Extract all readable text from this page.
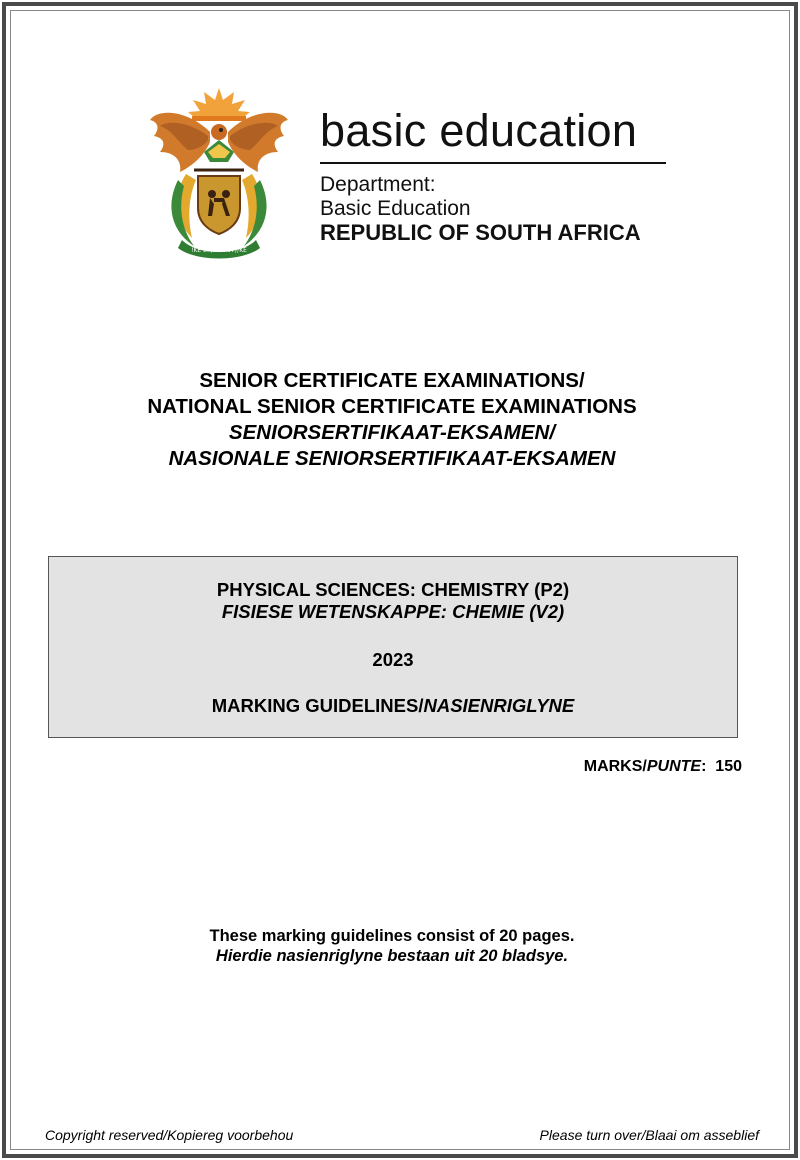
!KE E: /XARRA //KE
basic education
Department:
Basic Education
REPUBLIC OF SOUTH AFRICA
SENIOR CERTIFICATE EXAMINATIONS/
NATIONAL SENIOR CERTIFICATE EXAMINATIONS
SENIORSERTIFIKAAT-EKSAMEN/
NASIONALE SENIORSERTIFIKAAT-EKSAMEN
PHYSICAL SCIENCES: CHEMISTRY (P2)
FISIESE WETENSKAPPE: CHEMIE (V2)
2023
MARKING GUIDELINES/NASIENRIGLYNE
MARKS/PUNTE:  150
These marking guidelines consist of 20 pages.
Hierdie nasienriglyne bestaan uit 20 bladsye.
Copyright reserved/Kopiereg voorbehou	Please turn over/Blaai om asseblief
